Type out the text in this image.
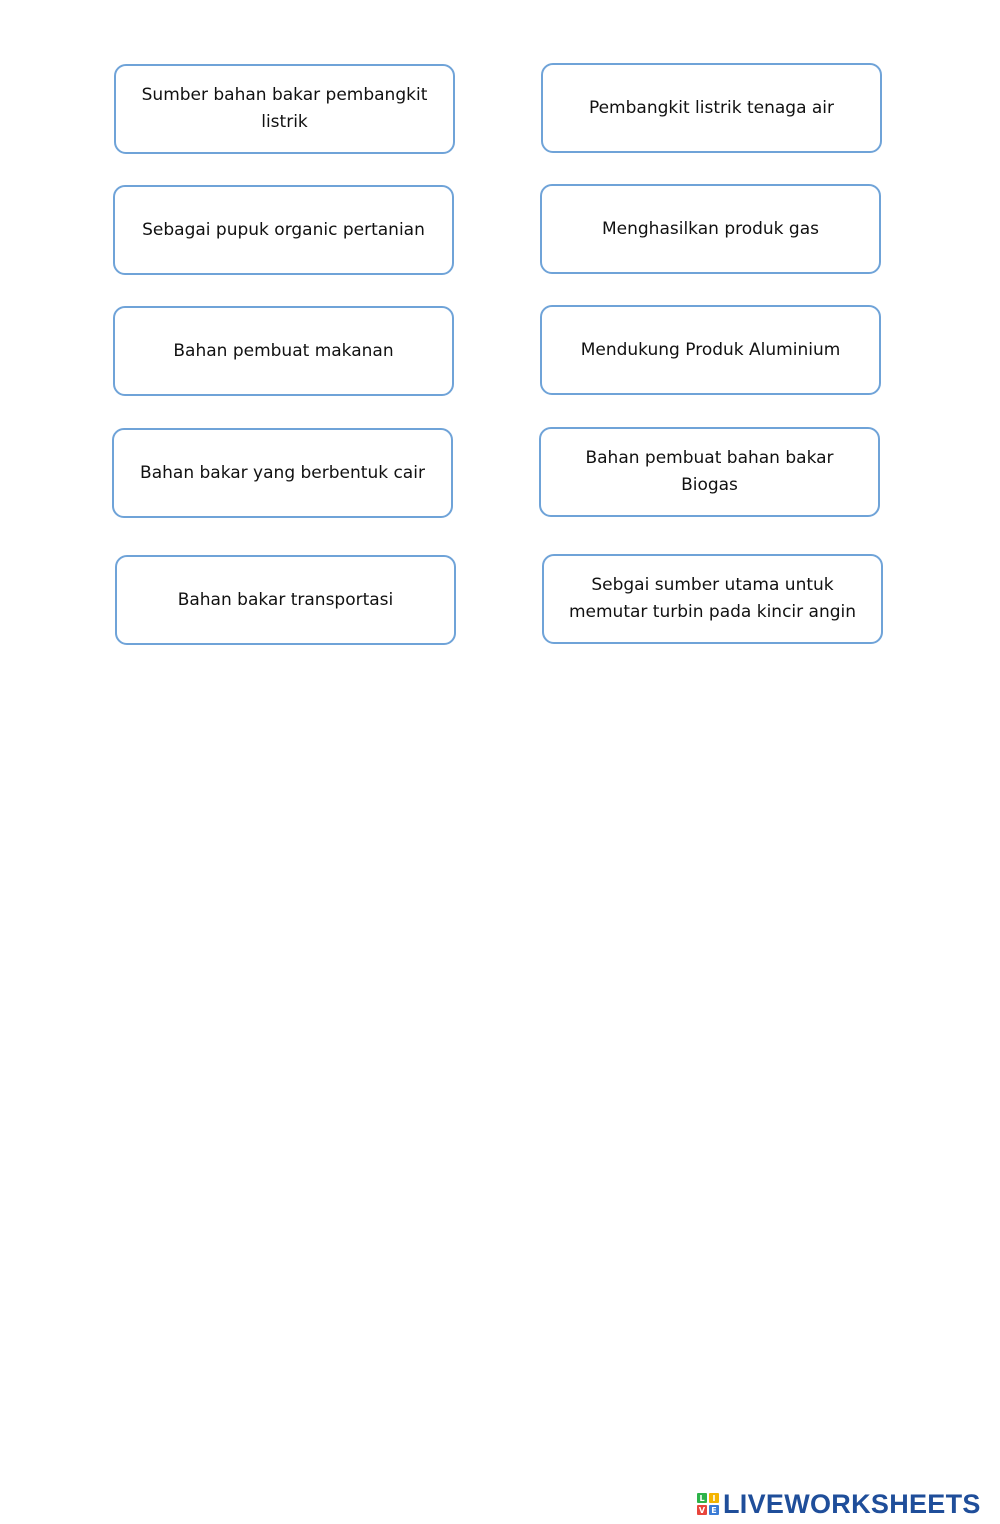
Sumber bahan bakar pembangkit listrik
Sebagai pupuk organic pertanian
Bahan pembuat makanan
Bahan bakar yang berbentuk cair
Bahan bakar transportasi
Pembangkit listrik tenaga air
Menghasilkan produk gas
Mendukung Produk Aluminium
Bahan pembuat bahan bakar Biogas
Sebgai sumber utama untuk memutar turbin pada kincir angin
L I
V E LIVEWORKSHEETS
